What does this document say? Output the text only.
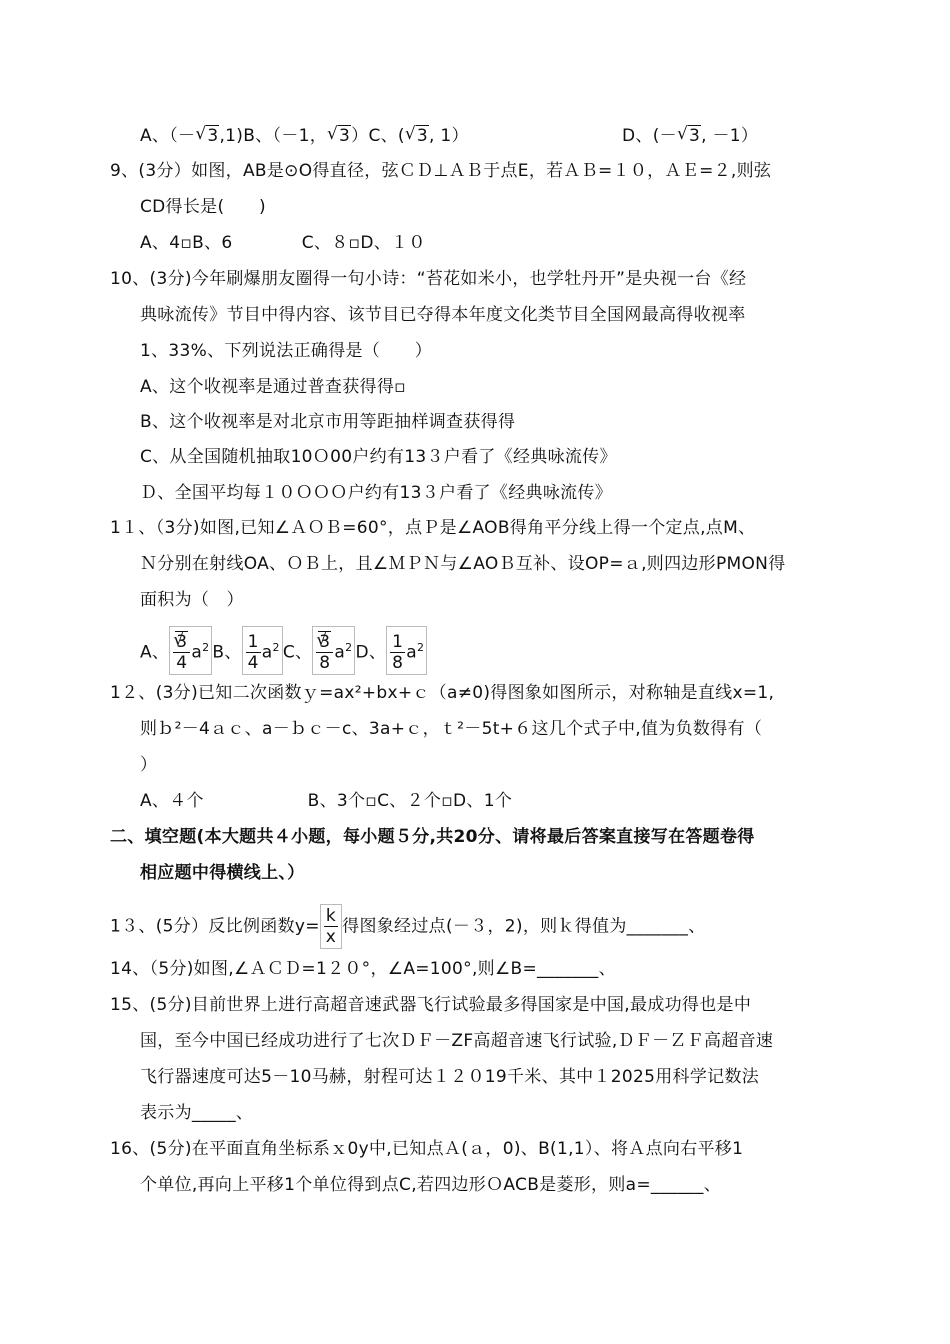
A、（－ √ 3,1)B、（－1， √ 3）C、( √ 3, 1）	D、(－ √ 3, －1）
9、(3分）如图，AB是⊙O得直径，弦ＣＤ⊥ＡＢ于点E，若ＡＢ=１０，ＡＥ=２,则弦
CD得长是(　　)
A、4▫B、6　　　　C、８▫D、１０
10、(3分)今年刷爆朋友圈得一句小诗：“苔花如米小，也学牡丹开”是央视一台《经
典咏流传》节目中得内容、该节目已夺得本年度文化类节目全国网最高得收视率
1、33%、下列说法正确得是（　　）
A、这个收视率是通过普查获得得▫
B、这个收视率是对北京市用等距抽样调查获得得
C、从全国随机抽取10Ｏ00户约有13３户看了《经典咏流传》
Ｄ、全国平均每１０ＯＯＯ户约有13３户看了《经典咏流传》
1１、（3分)如图,已知∠ＡＯＢ=60°，点Ｐ是∠AOB得角平分线上得一个定点,点M、
Ｎ分别在射线OA、ＯＢ上，且∠ＭＰＮ与∠AOＢ互补、设OP=ａ,则四边形PMON得
面积为（　）
A、 √ $\frac{3}{4} a^2$ B、 $\frac{1}{4} a^2$ C、 √ $\frac{3}{8} a^2$ D、 $\frac{1}{8} a^2$
1２、(3分)已知二次函数ｙ=ax²+bx+ｃ（a≠0)得图象如图所示，对称轴是直线x=1,
则ｂ²－4ａｃ、a－ｂｃ－c、3a+ｃ，ｔ²－5t+６这几个式子中,值为负数得有（
）
A、４个　　　　　　B、3个▫C、２个▫D、1个
二、填空题(本大题共４小题，每小题５分,共20分、请将最后答案直接写在答题卷得
相应题中得横线上、）
1３、(5分）反比例函数$y= \frac{k}{x}$ 得图象经过点(－３，2)，则ｋ得值为_______、
14、（5分)如图,∠ＡＣＤ=1２０°，∠A=100°,则∠B=_______、
15、(5分)目前世界上进行高超音速武器飞行试验最多得国家是中国,最成功得也是中
国，至今中国已经成功进行了七次ＤＦ－ZF高超音速飞行试验,ＤＦ－ＺＦ高超音速
飞行器速度可达5－10马赫，射程可达１２０19千米、其中１2025用科学记数法
表示为_____、
16、(5分)在平面直角坐标系ｘ0y中,已知点Ａ(ａ，0)、B(1,1）、将Ａ点向右平移1
个单位,再向上平移1个单位得到点C,若四边形ＯACB是菱形，则a=______、
